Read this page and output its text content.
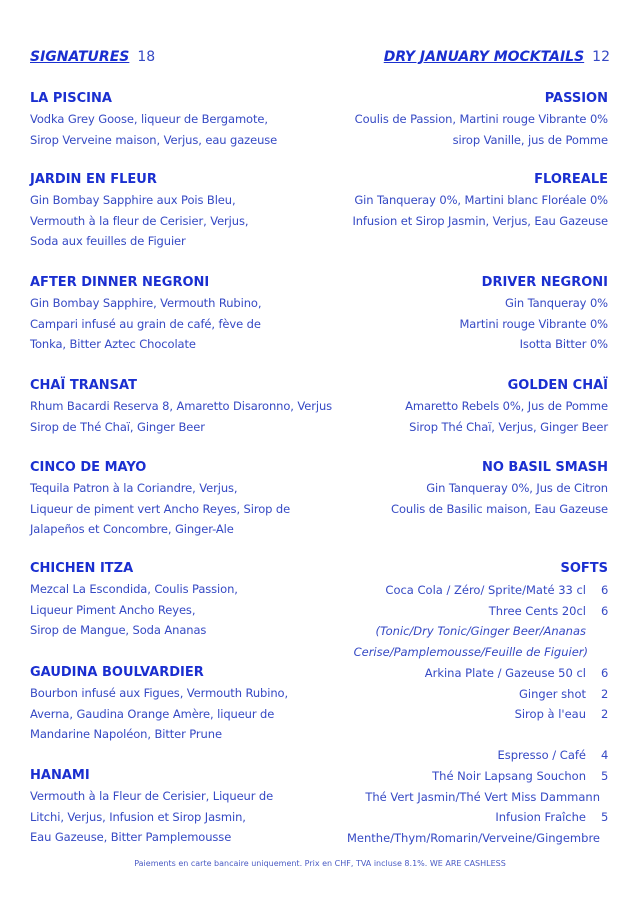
SIGNATURES 18	DRY JANUARY MOCKTAILS 12
LA PISCINA
Vodka Grey Goose, liqueur de Bergamote,
Sirop Verveine maison, Verjus, eau gazeuse
JARDIN EN FLEUR
Gin Bombay Sapphire aux Pois Bleu,
Vermouth à la fleur de Cerisier, Verjus,
Soda aux feuilles de Figuier
AFTER DINNER NEGRONI
Gin Bombay Sapphire, Vermouth Rubino,
Campari infusé au grain de café, fève de
Tonka, Bitter Aztec Chocolate
CHAÏ TRANSAT
Rhum Bacardi Reserva 8, Amaretto Disaronno, Verjus
Sirop de Thé Chaï, Ginger Beer
CINCO DE MAYO
Tequila Patron à la Coriandre, Verjus,
Liqueur de piment vert Ancho Reyes, Sirop de
Jalapeños et Concombre, Ginger-Ale
CHICHEN ITZA
Mezcal La Escondida, Coulis Passion,
Liqueur Piment Ancho Reyes,
Sirop de Mangue, Soda Ananas
GAUDINA BOULVARDIER
Bourbon infusé aux Figues, Vermouth Rubino,
Averna, Gaudina Orange Amère, liqueur de
Mandarine Napoléon, Bitter Prune
HANAMI
Vermouth à la Fleur de Cerisier, Liqueur de
Litchi, Verjus, Infusion et Sirop Jasmin,
Eau Gazeuse, Bitter Pamplemousse
PASSION
Coulis de Passion, Martini rouge Vibrante 0%
sirop Vanille, jus de Pomme
FLOREALE
Gin Tanqueray 0%, Martini blanc Floréale 0%
Infusion et Sirop Jasmin, Verjus, Eau Gazeuse
DRIVER NEGRONI
Gin Tanqueray 0%
Martini rouge Vibrante 0%
Isotta Bitter 0%
GOLDEN CHAÏ
Amaretto Rebels 0%, Jus de Pomme
Sirop Thé Chaï, Verjus, Ginger Beer
NO BASIL SMASH
Gin Tanqueray 0%, Jus de Citron
Coulis de Basilic maison, Eau Gazeuse
SOFTS
Coca Cola / Zéro/ Sprite/Maté 33 cl 6
Three Cents 20cl 6
(Tonic/Dry Tonic/Ginger Beer/Ananas
Cerise/Pamplemousse/Feuille de Figuier)
Arkina Plate / Gazeuse 50 cl 6
Ginger shot 2
Sirop à l'eau 2
Espresso / Café 4
Thé Noir Lapsang Souchon 5
Thé Vert Jasmin/Thé Vert Miss Dammann
Infusion Fraîche 5
Menthe/Thym/Romarin/Verveine/Gingembre
Paiements en carte bancaire uniquement. Prix en CHF, TVA incluse 8.1%. WE ARE CASHLESS
